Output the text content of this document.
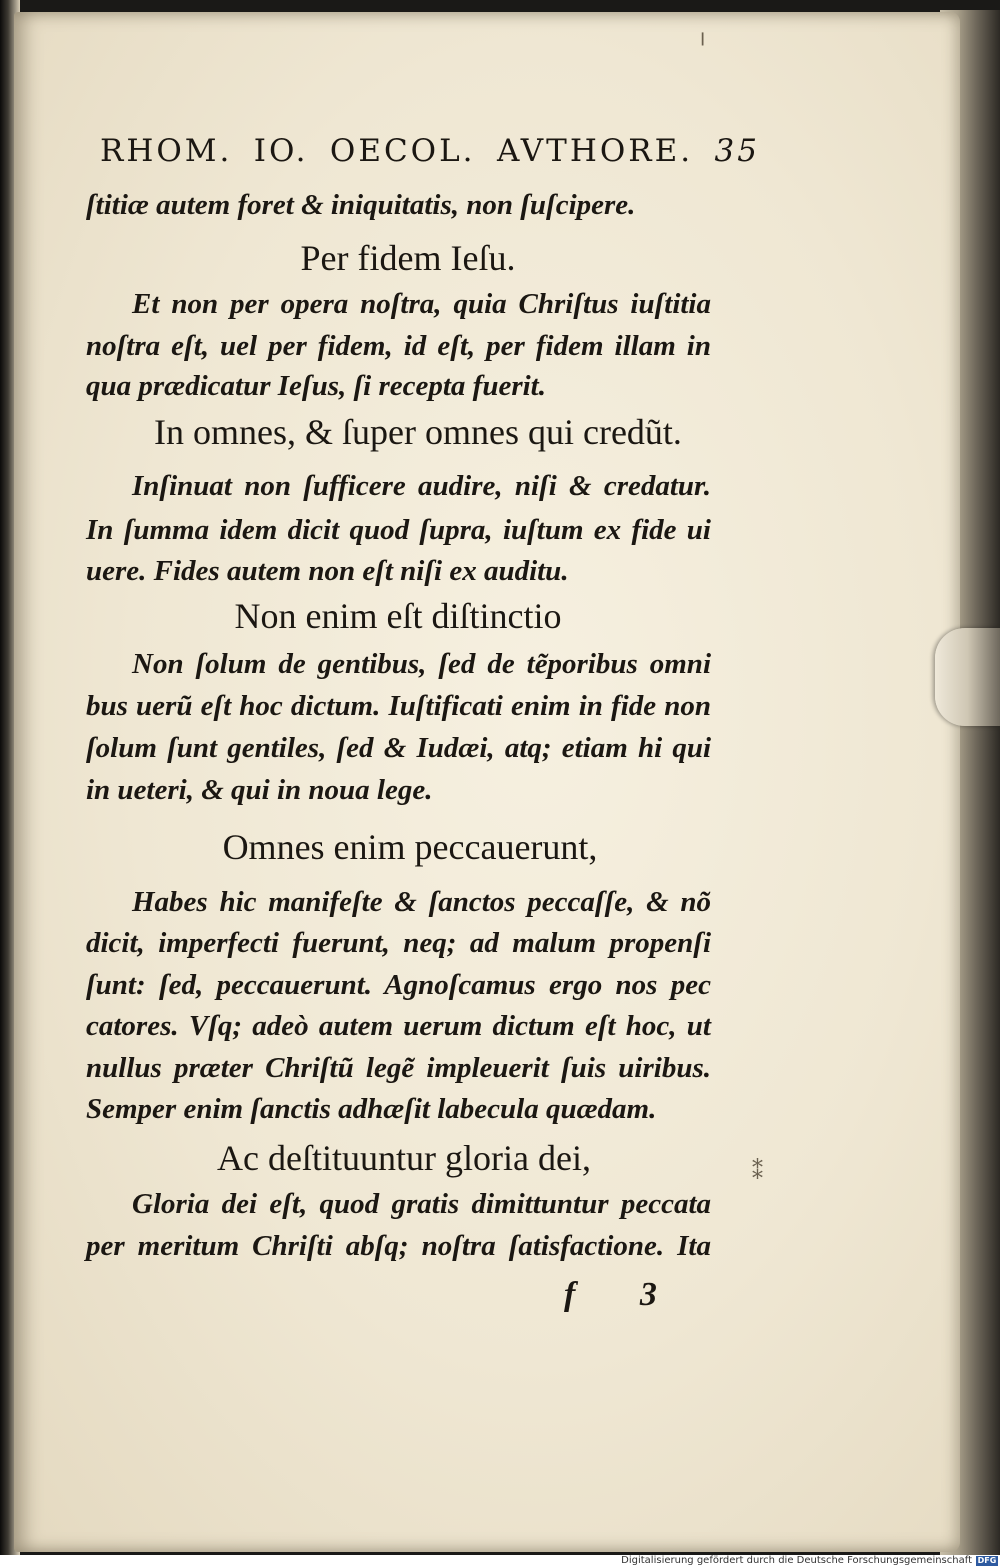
╵
⁑
RHOM. IO. OECOL. AVTHORE. 35
ſtitiæ autem foret & iniquitatis, non ſuſcipere.
Per fidem Ieſu.
Et non per opera noſtra, quia Chriſtus iuſtitia
noſtra eſt, uel per fidem, id eſt, per fidem illam in
qua prædicatur Ieſus, ſi recepta fuerit.
In omnes, & ſuper omnes qui credũt.
Inſinuat non ſufficere audire, niſi & credatur.
In ſumma idem dicit quod ſupra, iuſtum ex fide ui
uere. Fides autem non eſt niſi ex auditu.
Non enim eſt diſtinctio
Non ſolum de gentibus, ſed de tẽporibus omni
bus uerũ eſt hoc dictum. Iuſtificati enim in fide non
ſolum ſunt gentiles, ſed & Iudæi, atq; etiam hi qui
in ueteri, & qui in noua lege.
Omnes enim peccauerunt,
Habes hic manifeſte & ſanctos peccaſſe, & nõ
dicit, imperfecti fuerunt, neq; ad malum propenſi
ſunt: ſed, peccauerunt. Agnoſcamus ergo nos pec
catores. Vſq; adeò autem uerum dictum eſt hoc, ut
nullus præter Chriſtũ legẽ impleuerit ſuis uiribus.
Semper enim ſanctis adhæſit labecula quædam.
Ac deſtituuntur gloria dei,
Gloria dei eſt, quod gratis dimittuntur peccata
per meritum Chriſti abſq; noſtra ſatisfactione. Ita
f 3
Digitalisierung gefördert durch die Deutsche Forschungsgemeinschaft DFG
